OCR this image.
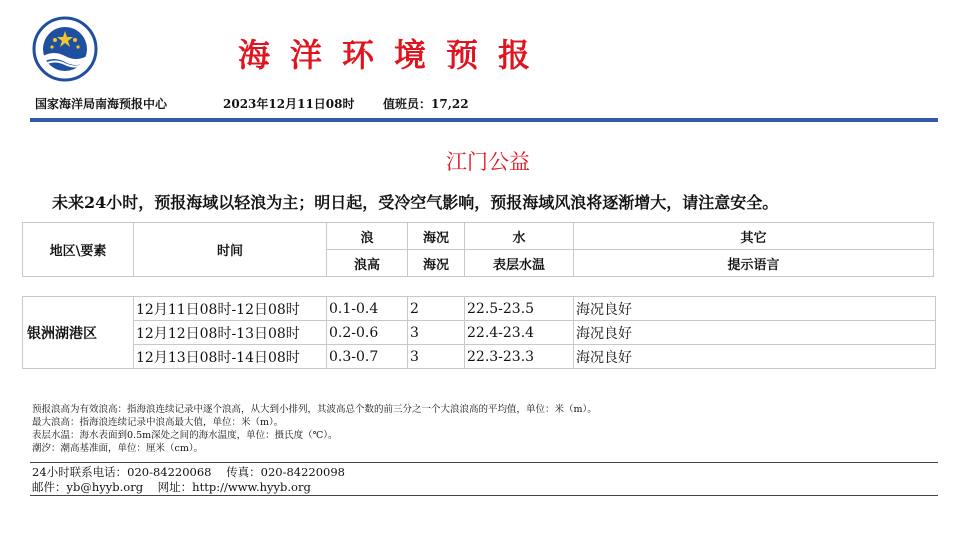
海洋环境预报
国家海洋局南海预报中心	2023年12月11日08时 值班员：17,22
江门公益
未来24小时，预报海域以轻浪为主；明日起，受冷空气影响，预报海域风浪将逐渐增大，请注意安全。
地区\要素	时间	浪	海况	水	其它
		浪高	海况	表层水温	提示语言
银洲湖港区	12月11日08时-12日08时	0.1-0.4	2	22.5-23.5	海况良好
	12月12日08时-13日08时	0.2-0.6	3	22.4-23.4	海况良好
	12月13日08时-14日08时	0.3-0.7	3	22.3-23.3	海况良好
预报浪高为有效浪高：指海浪连续记录中逐个浪高，从大到小排列，其波高总个数的前三分之一个大浪浪高的平均值，单位：米（m）。
最大浪高：指海浪连续记录中浪高最大值，单位：米（m）。
表层水温：海水表面到0.5m深处之间的海水温度，单位：摄氏度（℃）。
潮汐：潮高基准面，单位：厘米（cm）。
24小时联系电话：020-84220068    传真：020-84220098
邮件：yb@hyyb.org    网址：http://www.hyyb.org
